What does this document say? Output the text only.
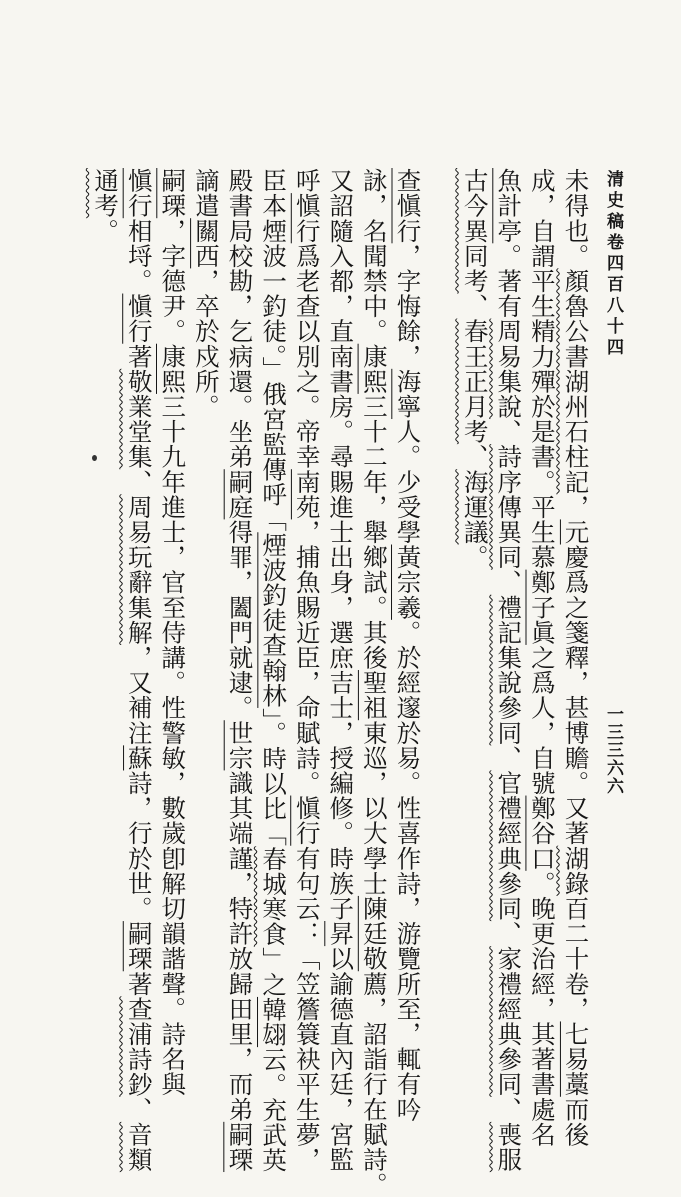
清史稿卷四百八十四
一三三六六
未得也。顏魯公書湖州石柱記，元慶爲之箋釋，甚博贍。又著湖錄百二十卷，七易藁而後
成，自謂平生精力殫於是書。平生慕鄭子眞之爲人，自號鄭谷口。晚更治經，其著書處名
魚計亭。著有周易集說、詩序傳異同、禮記集說參同、官禮經典參同、家禮經典參同、喪服
古今異同考、春王正月考、海運議。
查愼行，字悔餘，海寧人。少受學黃宗羲。於經邃於易。性喜作詩，游覽所至，輒有吟
詠，名聞禁中。康熙三十二年，舉鄉試。其後聖祖東巡，以大學士陳廷敬薦，詔詣行在賦詩。
又詔隨入都，直南書房。尋賜進士出身，選庶吉士，授編修。時族子昇以諭德直內廷，宮監
呼愼行爲老查以別之。帝幸南苑，捕魚賜近臣，命賦詩。愼行有句云：「笠簷簑袂平生夢，
臣本煙波一釣徒。」俄宮監傳呼「煙波釣徒查翰林」。時以比「春城寒食」之韓翃云。充武英
殿書局校勘，乞病還。坐弟嗣庭得罪，闔門就逮。世宗識其端謹，特許放歸田里，而弟嗣瑮
謫遣關西，卒於戍所。
嗣瑮，字德尹。康熙三十九年進士，官至侍講。性警敏，數歲卽解切韻諧聲。詩名與
愼行相埒。愼行著敬業堂集、周易玩辭集解，又補注蘇詩，行於世。嗣瑮著查浦詩鈔、音類
通考。
